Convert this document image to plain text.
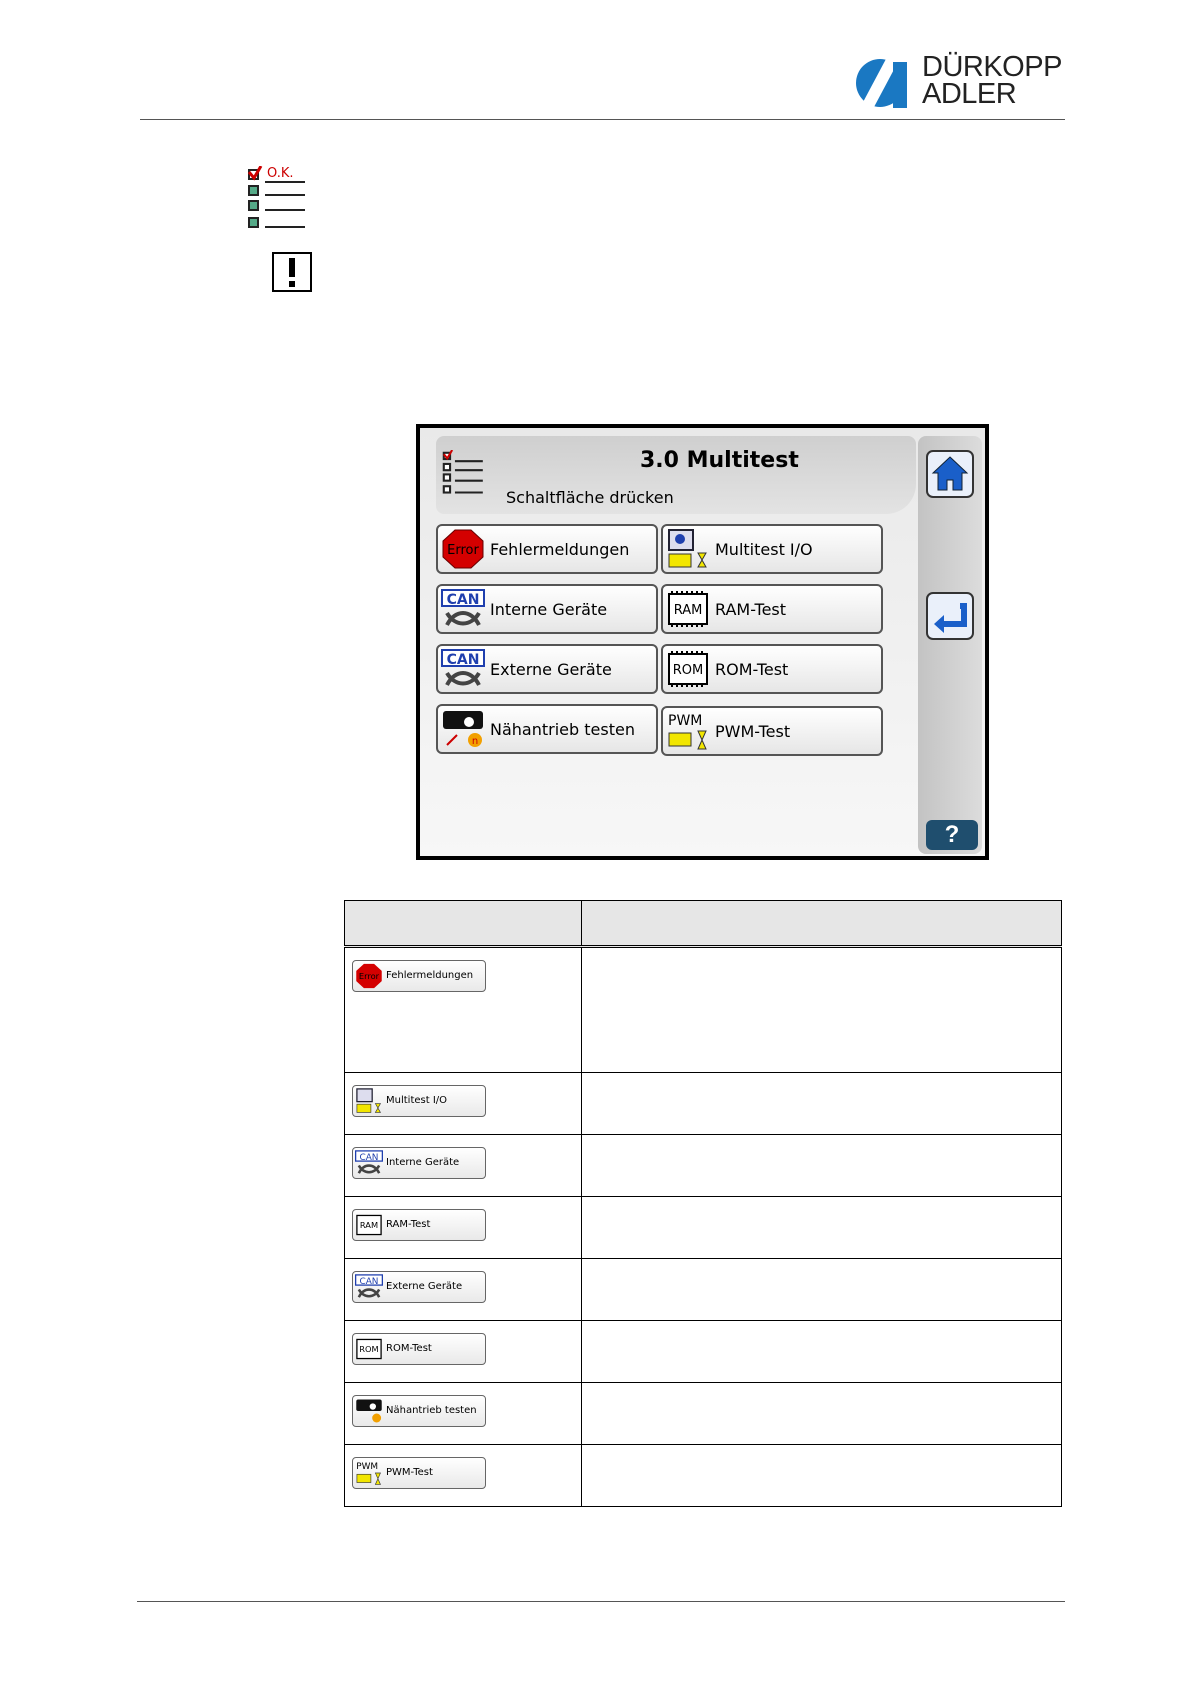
DÜRKOPP
ADLER
O.K.
3.0 Multitest
Schaltfläche drücken
Error Fehlermeldungen
CAN Interne Geräte
CAN Externe Geräte
n
Nähantrieb testen
Multitest I/O
RAM RAM-Test
ROM ROM-Test
PWM
PWM-Test
?

Error Fehlermeldungen	

Multitest I/O	

CAN Interne Geräte	

RAM RAM-Test	

CAN Externe Geräte	

ROM ROM-Test	

Nähantrieb testen	

PWM PWM-Test	
